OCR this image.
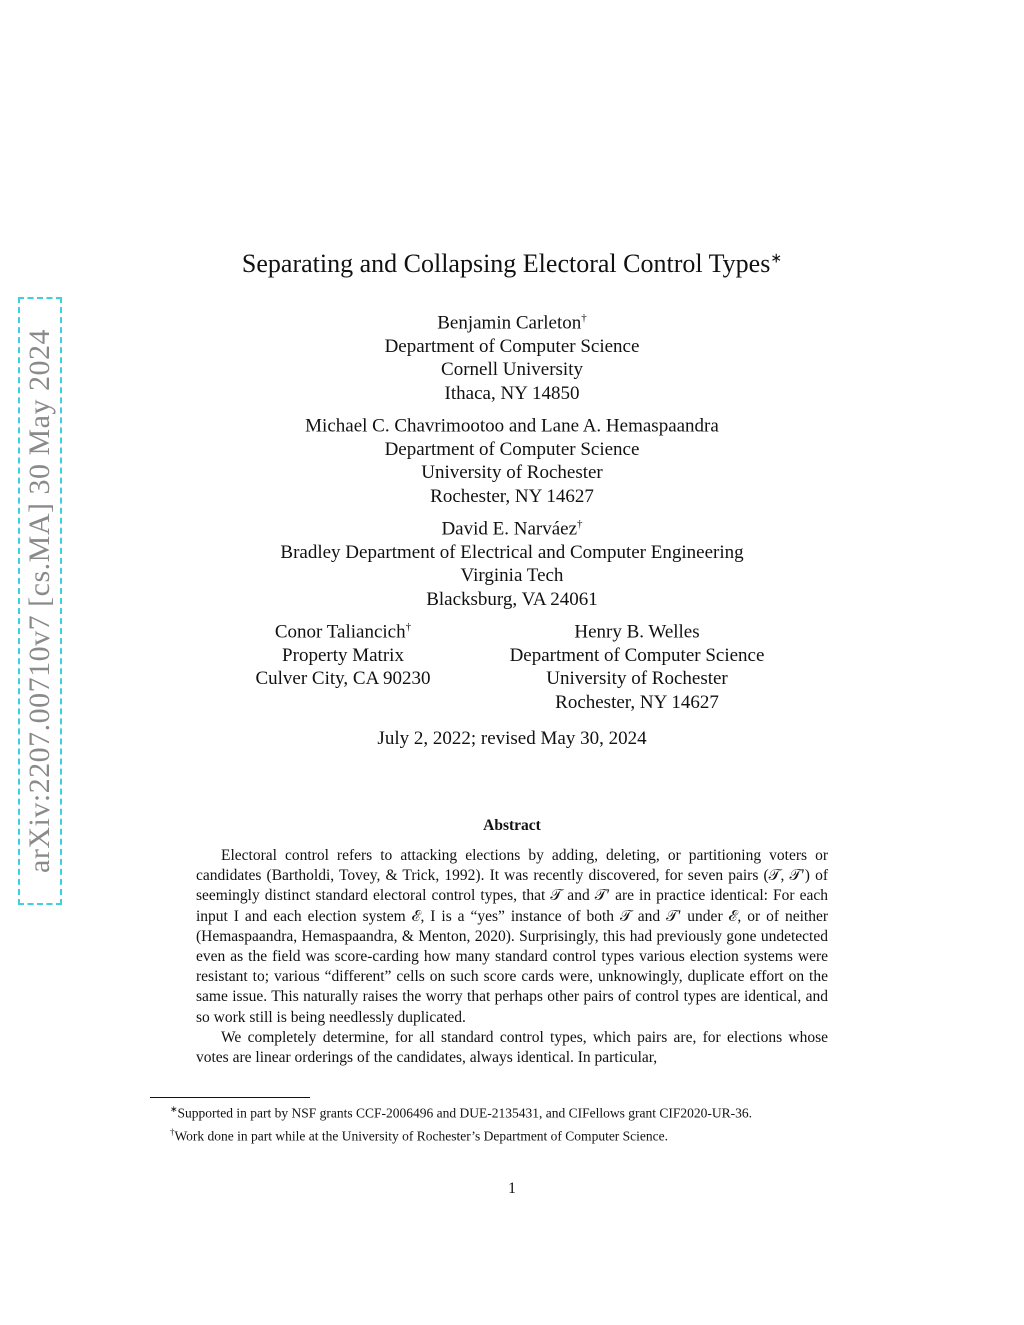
arXiv:2207.00710v7 [cs.MA] 30 May 2024
Separating and Collapsing Electoral Control Types∗
Benjamin Carleton†
Department of Computer Science
Cornell University
Ithaca, NY 14850
Michael C. Chavrimootoo and Lane A. Hemaspaandra
Department of Computer Science
University of Rochester
Rochester, NY 14627
David E. Narváez†
Bradley Department of Electrical and Computer Engineering
Virginia Tech
Blacksburg, VA 24061
Conor Taliancich†
Property Matrix
Culver City, CA 90230
Henry B. Welles
Department of Computer Science
University of Rochester
Rochester, NY 14627
July 2, 2022; revised May 30, 2024
Abstract

Electoral control refers to attacking elections by adding, deleting, or partitioning voters or candidates (Bartholdi, Tovey, & Trick, 1992). It was recently discovered, for seven pairs (𝒯, 𝒯′) of seemingly distinct standard electoral control types, that 𝒯 and 𝒯′ are in practice identical: For each input I and each election system ℰ, I is a “yes” instance of both 𝒯 and 𝒯′ under ℰ, or of neither (Hemaspaandra, Hemaspaandra, & Menton, 2020). Surprisingly, this had previously gone undetected even as the field was score-carding how many standard control types various election systems were resistant to; various “different” cells on such score cards were, unknowingly, duplicate effort on the same issue. This naturally raises the worry that perhaps other pairs of control types are identical, and so work still is being needlessly duplicated.

We completely determine, for all standard control types, which pairs are, for elections whose votes are linear orderings of the candidates, always identical. In particular,

∗Supported in part by NSF grants CCF-2006496 and DUE-2135431, and CIFellows grant CIF2020-UR-36.

†Work done in part while at the University of Rochester’s Department of Computer Science.

1
